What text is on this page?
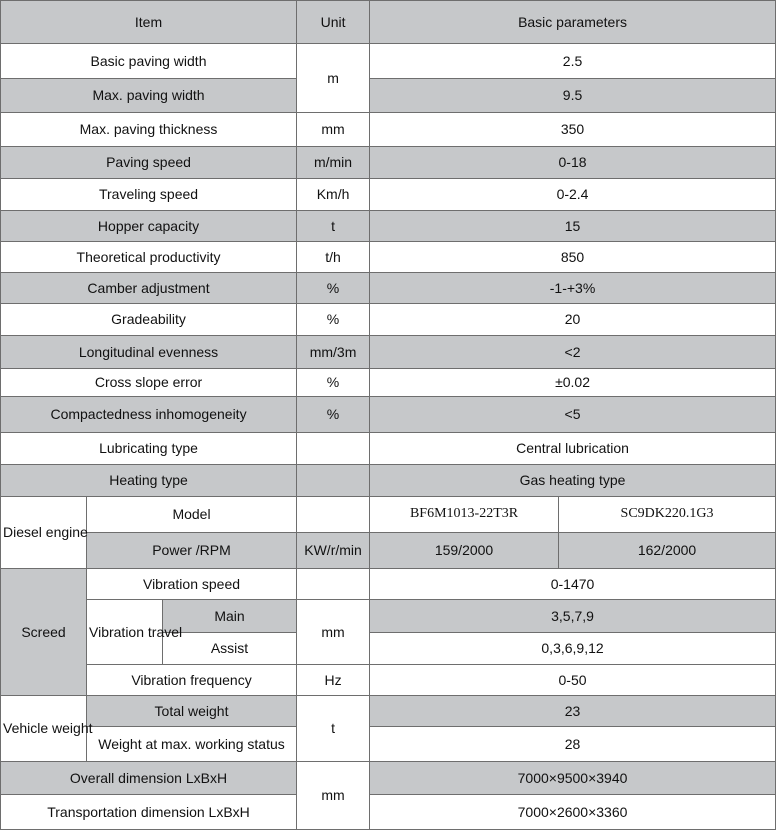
Item			Unit	Basic parameters	
Basic paving width			m	2.5	
Max. paving width				9.5	
Max. paving thickness			mm	350	
Paving speed			m/min	0-18	
Traveling speed			Km/h	0-2.4	
Hopper capacity			t	15	
Theoretical productivity			t/h	850	
Camber adjustment			%	-1-+3%	
Gradeability			%	20	
Longitudinal evenness			mm/3m	<2	
Cross slope error			%	±0.02	
Compactedness inhomogeneity			%	<5	
Lubricating type				Central lubrication	
Heating type				Gas heating type	
Diesel engine	Model			BF6M1013-22T3R	SC9DK220.1G3
	Power /RPM		KW/r/min	159/2000	162/2000
Screed	Vibration speed			0-1470	
	Vibration travel	Main	mm	3,5,7,9	
		Assist		0,3,6,9,12	
	Vibration frequency		Hz	0-50	
Vehicle weight	Total weight		t	23	
	Weight at max. working status			28	
Overall dimension LxBxH			mm	7000×9500×3940	
Transportation dimension LxBxH				7000×2600×3360	
